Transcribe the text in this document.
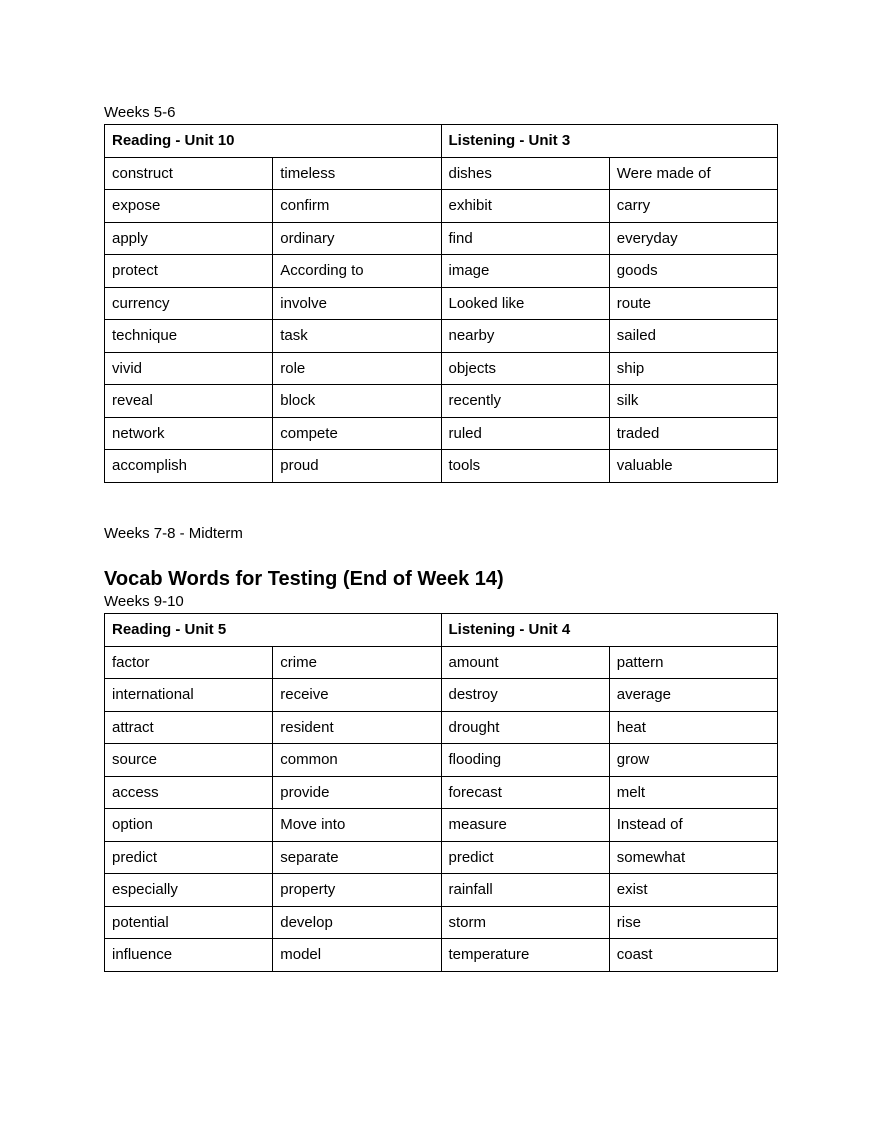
Weeks 5-6
Reading - Unit 10		Listening - Unit 3	
construct	timeless	dishes	Were made of
expose	confirm	exhibit	carry
apply	ordinary	find	everyday
protect	According to	image	goods
currency	involve	Looked like	route
technique	task	nearby	sailed
vivid	role	objects	ship
reveal	block	recently	silk
network	compete	ruled	traded
accomplish	proud	tools	valuable
Weeks 7-8 - Midterm
Vocab Words for Testing (End of Week 14)
Weeks 9-10
Reading - Unit 5		Listening - Unit 4	
factor	crime	amount	pattern
international	receive	destroy	average
attract	resident	drought	heat
source	common	flooding	grow
access	provide	forecast	melt
option	Move into	measure	Instead of
predict	separate	predict	somewhat
especially	property	rainfall	exist
potential	develop	storm	rise
influence	model	temperature	coast
